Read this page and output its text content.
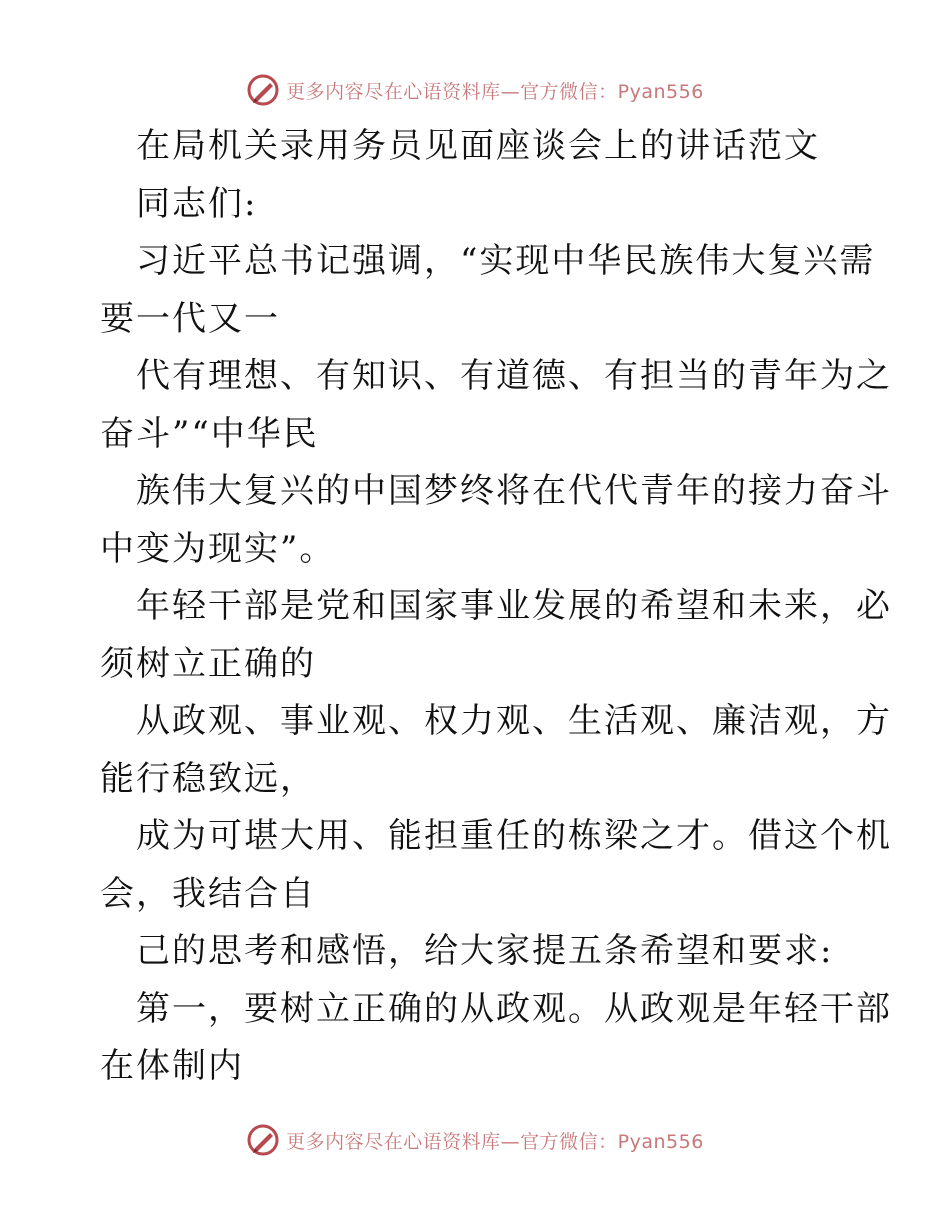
更多内容尽在心语资料库—官方微信：Pyan556
在局机关录用务员见面座谈会上的讲话范文
同志们:
习近平总书记强调，“实现中华民族伟大复兴需
要一代又一
代有理想、有知识、有道德、有担当的青年为之
奋斗”“中华民
族伟大复兴的中国梦终将在代代青年的接力奋斗
中变为现实”。
年轻干部是党和国家事业发展的希望和未来，必
须树立正确的
从政观、事业观、权力观、生活观、廉洁观，方
能行稳致远，
成为可堪大用、能担重任的栋梁之才。借这个机
会，我结合自
己的思考和感悟，给大家提五条希望和要求:
第一，要树立正确的从政观。从政观是年轻干部
在体制内
更多内容尽在心语资料库—官方微信：Pyan556
